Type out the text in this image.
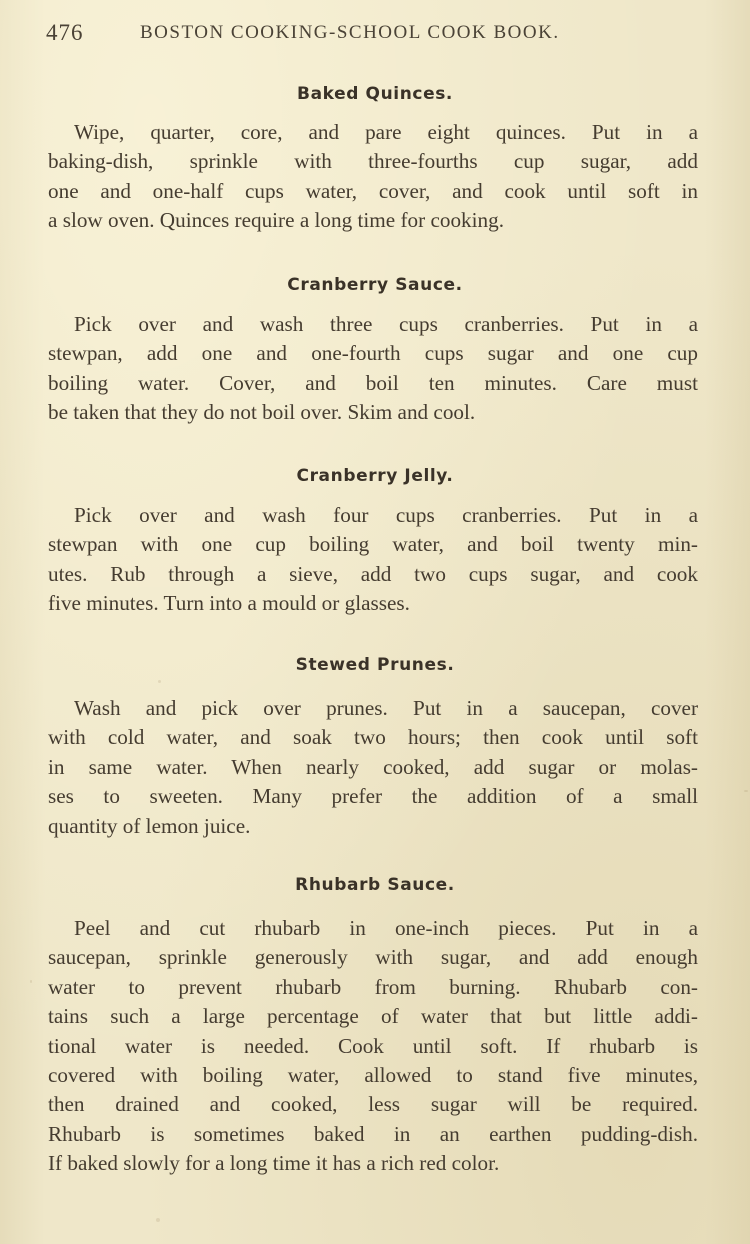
476	BOSTON COOKING-SCHOOL COOK BOOK.
Baked Quinces.
Wipe, quarter, core, and pare eight quinces. Put in a
baking-dish, sprinkle with three-fourths cup sugar, add
one and one-half cups water, cover, and cook until soft in
a slow oven. Quinces require a long time for cooking.
Cranberry Sauce.
Pick over and wash three cups cranberries. Put in a
stewpan, add one and one-fourth cups sugar and one cup
boiling water. Cover, and boil ten minutes. Care must
be taken that they do not boil over. Skim and cool.
Cranberry Jelly.
Pick over and wash four cups cranberries. Put in a
stewpan with one cup boiling water, and boil twenty min-
utes. Rub through a sieve, add two cups sugar, and cook
five minutes. Turn into a mould or glasses.
Stewed Prunes.
Wash and pick over prunes. Put in a saucepan, cover
with cold water, and soak two hours; then cook until soft
in same water. When nearly cooked, add sugar or molas-
ses to sweeten. Many prefer the addition of a small
quantity of lemon juice.
Rhubarb Sauce.
Peel and cut rhubarb in one-inch pieces. Put in a
saucepan, sprinkle generously with sugar, and add enough
water to prevent rhubarb from burning. Rhubarb con-
tains such a large percentage of water that but little addi-
tional water is needed. Cook until soft. If rhubarb is
covered with boiling water, allowed to stand five minutes,
then drained and cooked, less sugar will be required.
Rhubarb is sometimes baked in an earthen pudding-dish.
If baked slowly for a long time it has a rich red color.
